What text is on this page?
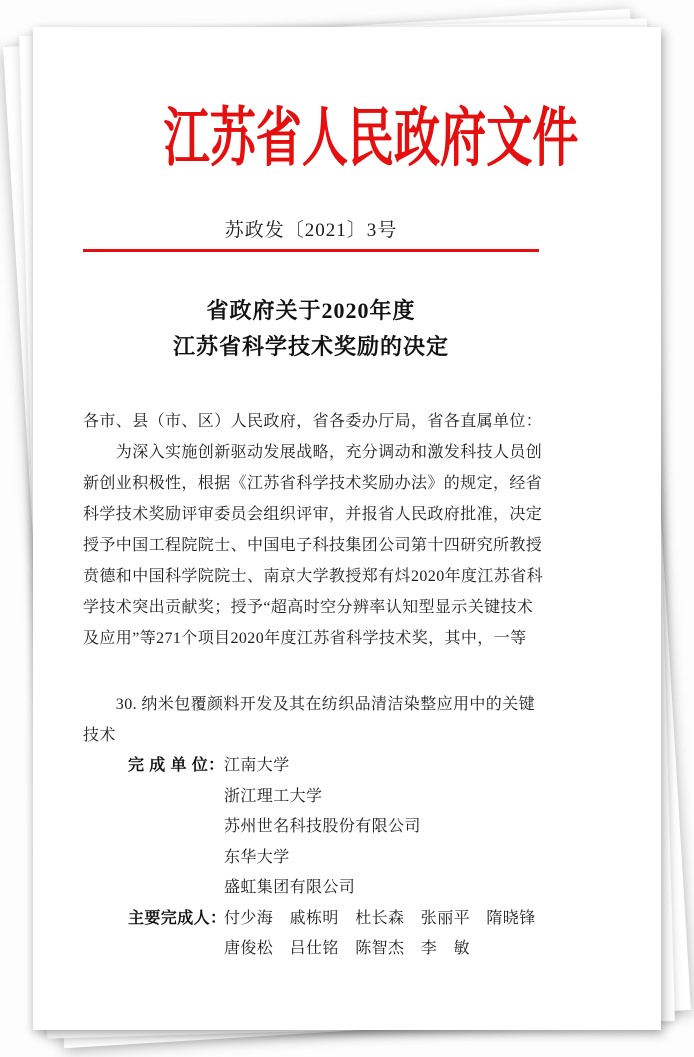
江苏省人民政府文件
苏政发〔2021〕3号
省政府关于2020年度
江苏省科学技术奖励的决定
各市、县（市、区）人民政府，省各委办厅局，省各直属单位：
　　为深入实施创新驱动发展战略，充分调动和激发科技人员创
新创业积极性，根据《江苏省科学技术奖励办法》的规定，经省
科学技术奖励评审委员会组织评审，并报省人民政府批准，决定
授予中国工程院院士、中国电子科技集团公司第十四研究所教授
贲德和中国科学院院士、南京大学教授郑有炓2020年度江苏省科
学技术突出贡献奖；授予“超高时空分辨率认知型显示关键技术
及应用”等271个项目2020年度江苏省科学技术奖，其中，一等
　　30. 纳米包覆颜料开发及其在纺织品清洁染整应用中的关键
技术
完 成 单 位： 江南大学
浙江理工大学
苏州世名科技股份有限公司
东华大学
盛虹集团有限公司
主要完成人：
付少海　戚栋明　杜长森　张丽平　隋晓锋
唐俊松　吕仕铭　陈智杰　李　敏
